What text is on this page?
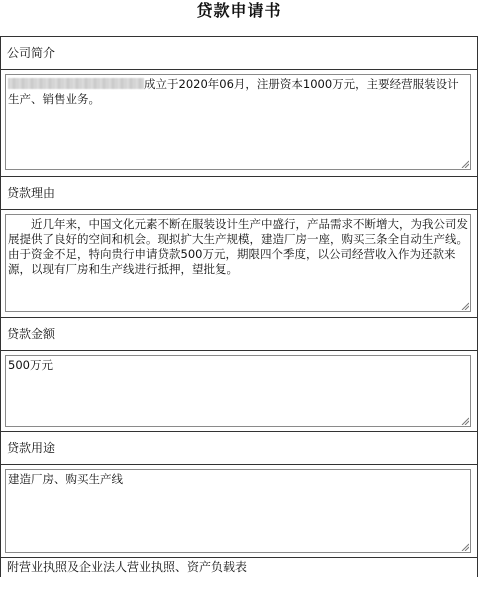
贷款申请书
公司简介
成立于2020年06月，注册资本1000万元，主要经营服装设计生产、销售业务。
贷款理由
近几年来，中国文化元素不断在服装设计生产中盛行，产品需求不断增大，为我公司发展提供了良好的空间和机会。现拟扩大生产规模，建造厂房一座，购买三条全自动生产线。由于资金不足，特向贵行申请贷款500万元，期限四个季度，以公司经营收入作为还款来源，以现有厂房和生产线进行抵押，望批复。
贷款金额
500万元
贷款用途
建造厂房、购买生产线
附营业执照及企业法人营业执照、资产负载表
